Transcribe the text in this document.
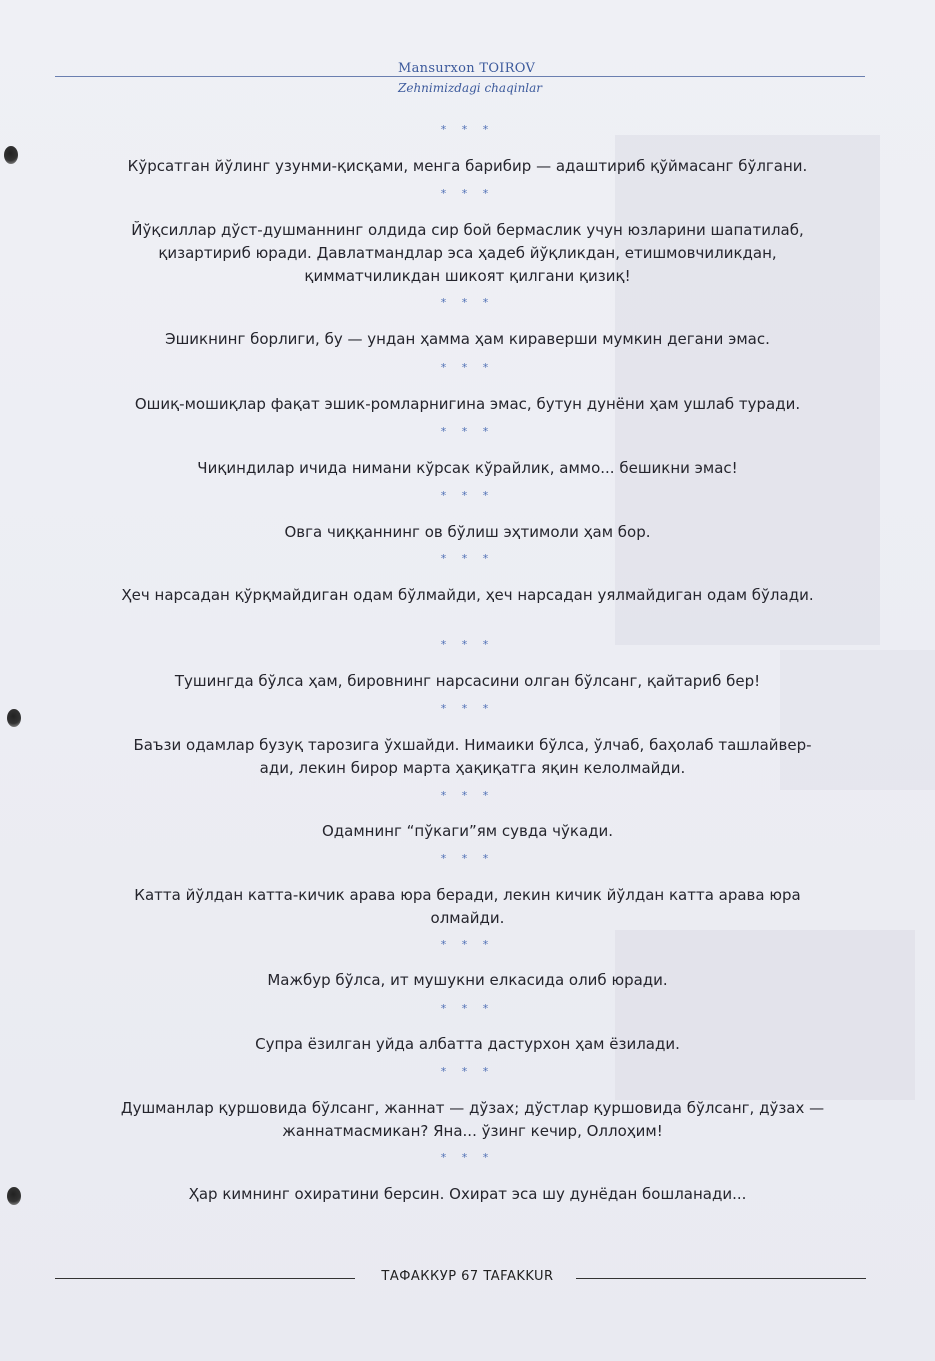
Mansurxon TOIROV
Zehnimizdagi chaqinlar
* * *
* * *
* * *
* * *
* * *
* * *
* * *
* * *
* * *
* * *
* * *
* * *
* * *
* * *
* * *
Кўрсатган йўлинг узунми-қисқами, менга барибир — адаштириб қўймасанг бўлгани.
Йўқсиллар дўст-душманнинг олдида сир бой бермаслик учун юзларини шапатилаб, қизартириб юради. Давлатмандлар эса ҳадеб йўқликдан, етишмовчиликдан, қимматчиликдан шикоят қилгани қизиқ!
Эшикнинг борлиги, бу — ундан ҳамма ҳам кираверши мумкин дегани эмас.
Ошиқ-мошиқлар фақат эшик-ромларнигина эмас, бутун дунёни ҳам ушлаб туради.
Чиқиндилар ичида нимани кўрсак кўрайлик, аммо... бешикни эмас!
Овга чиққаннинг ов бўлиш эҳтимоли ҳам бор.
Ҳеч нарсадан қўрқмайдиган одам бўлмайди, ҳеч нарсадан уялмайдиган одам бўлади.
Тушингда бўлса ҳам, бировнинг нарсасини олган бўлсанг, қайтариб бер!
Баъзи одамлар бузуқ тарозига ўхшайди. Нимаики бўлса, ўлчаб, баҳолаб ташлайверади, лекин бирор марта ҳақиқатга яқин келолмайди.
Одамнинг “пўкаги”ям сувда чўкади.
Катта йўлдан катта-кичик арава юра беради, лекин кичик йўлдан катта арава юра олмайди.
Мажбур бўлса, ит мушукни елкасида олиб юради.
Супра ёзилган уйда албатта дастурхон ҳам ёзилади.
Душманлар қуршовида бўлсанг, жаннат — дўзах; дўстлар қуршовида бўлсанг, дўзах — жаннатмасмикан? Яна... ўзинг кечир, Оллоҳим!
Ҳар кимнинг охиратини берсин. Охират эса шу дунёдан бошланади...
ТАФАККУР 67 TAFAKKUR
